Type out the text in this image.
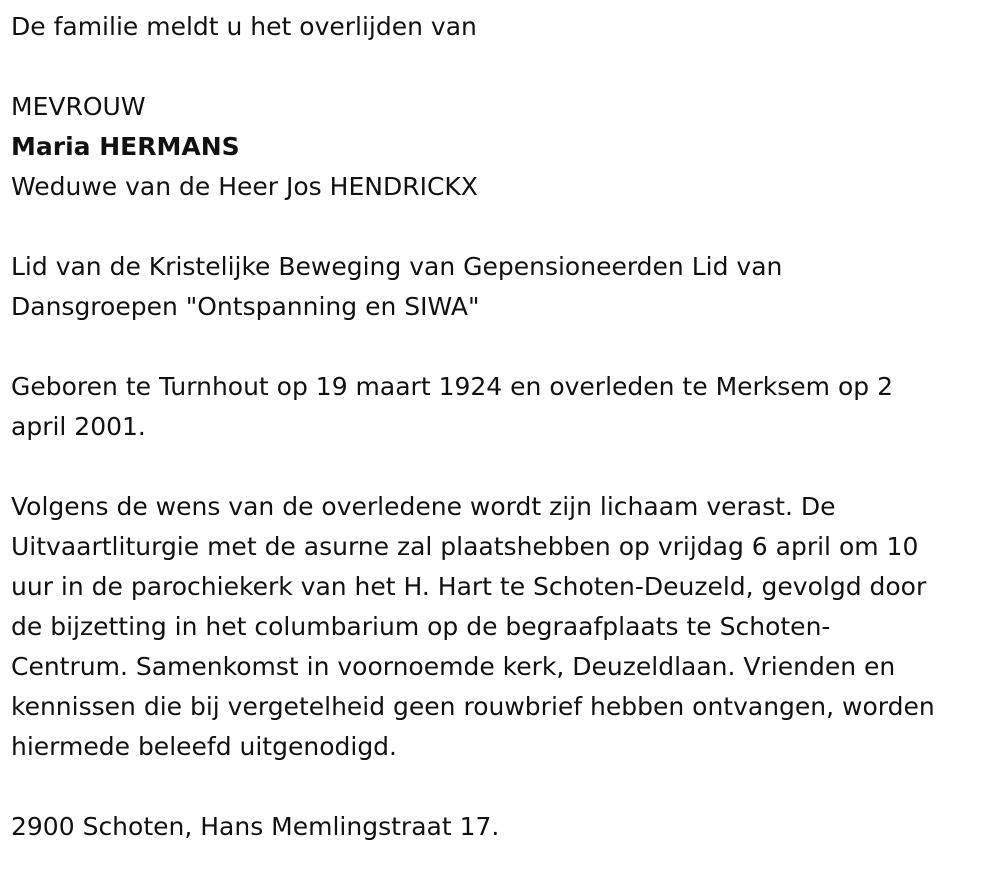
De familie meldt u het overlijden van

MEVROUW

Maria HERMANS

Weduwe van de Heer Jos HENDRICKX

Lid van de Kristelijke Beweging van Gepensioneerden Lid van

Dansgroepen "Ontspanning en SIWA"

Geboren te Turnhout op 19 maart 1924 en overleden te Merksem op 2

april 2001.

Volgens de wens van de overledene wordt zijn lichaam verast. De

Uitvaartliturgie met de asurne zal plaatshebben op vrijdag 6 april om 10

uur in de parochiekerk van het H. Hart te Schoten-Deuzeld, gevolgd door

de bijzetting in het columbarium op de begraafplaats te Schoten-

Centrum. Samenkomst in voornoemde kerk, Deuzeldlaan. Vrienden en

kennissen die bij vergetelheid geen rouwbrief hebben ontvangen, worden

hiermede beleefd uitgenodigd.

2900 Schoten, Hans Memlingstraat 17.
